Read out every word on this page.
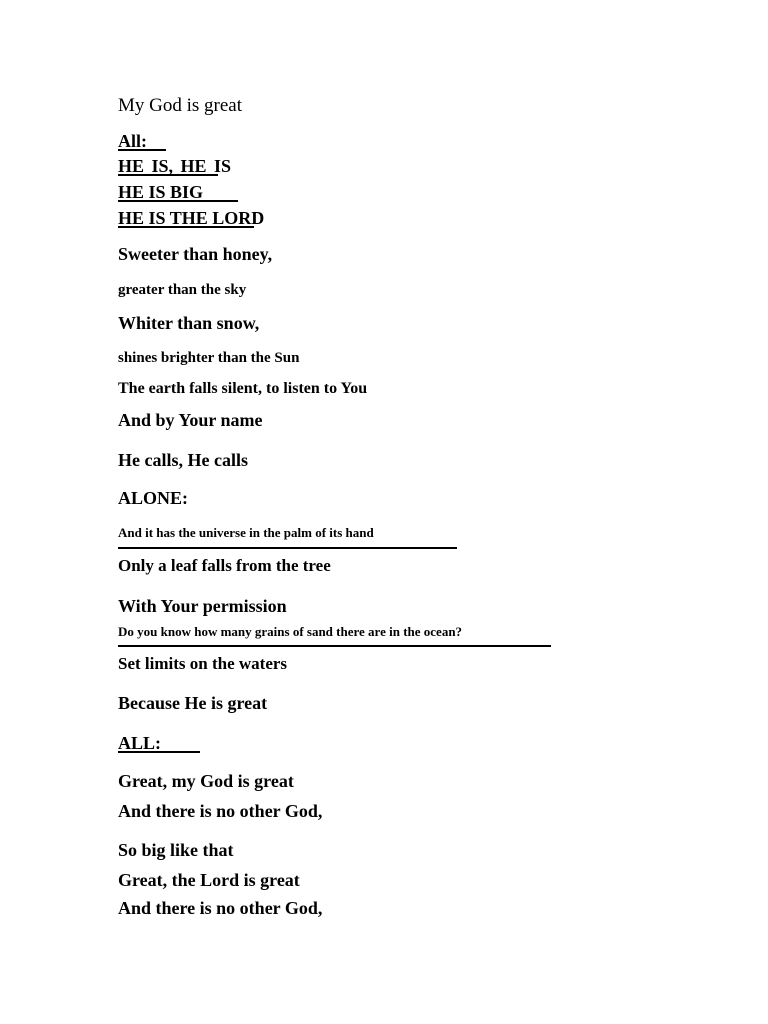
My God is great
All:
HE IS, HE IS
HE IS BIG
HE IS THE LORD
Sweeter than honey,
greater than the sky
Whiter than snow,
shines brighter than the Sun
The earth falls silent, to listen to You
And by Your name
He calls, He calls
ALONE:
And it has the universe in the palm of its hand
Only a leaf falls from the tree
With Your permission
Do you know how many grains of sand there are in the ocean?
Set limits on the waters
Because He is great
ALL:
Great, my God is great
And there is no other God,
So big like that
Great, the Lord is great
And there is no other God,
